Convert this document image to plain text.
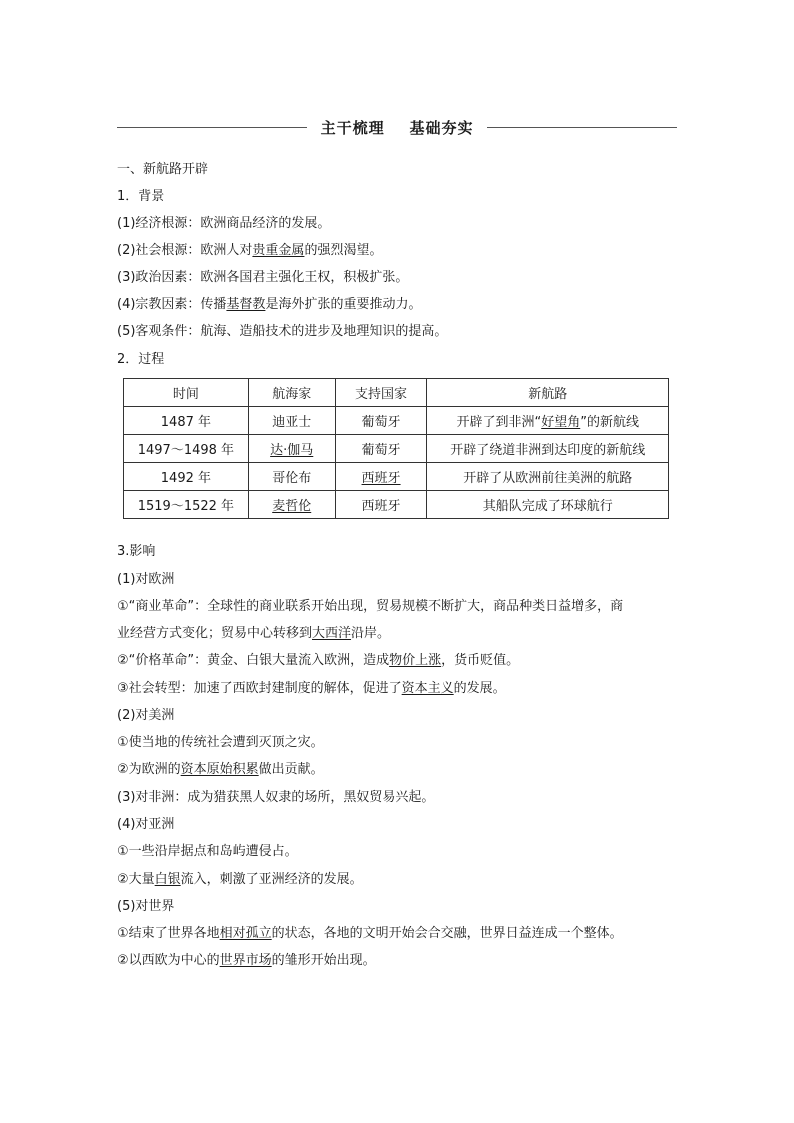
主干梳理    基础夯实
一、新航路开辟
1．背景
(1)经济根源：欧洲商品经济的发展。
(2)社会根源：欧洲人对贵重金属的强烈渴望。
(3)政治因素：欧洲各国君主强化王权，积极扩张。
(4)宗教因素：传播基督教是海外扩张的重要推动力。
(5)客观条件：航海、造船技术的进步及地理知识的提高。
2．过程
时间	航海家	支持国家	新航路
1487 年	迪亚士	葡萄牙	开辟了到非洲“好望角”的新航线
1497～1498 年	达·伽马	葡萄牙	开辟了绕道非洲到达印度的新航线
1492 年	哥伦布	西班牙	开辟了从欧洲前往美洲的航路
1519～1522 年	麦哲伦	西班牙	其船队完成了环球航行
3.影响
(1)对欧洲
①“商业革命”：全球性的商业联系开始出现，贸易规模不断扩大，商品种类日益增多，商
业经营方式变化；贸易中心转移到大西洋沿岸。
②“价格革命”：黄金、白银大量流入欧洲，造成物价上涨，货币贬值。
③社会转型：加速了西欧封建制度的解体，促进了资本主义的发展。
(2)对美洲
①使当地的传统社会遭到灭顶之灾。
②为欧洲的资本原始积累做出贡献。
(3)对非洲：成为猎获黑人奴隶的场所，黑奴贸易兴起。
(4)对亚洲
①一些沿岸据点和岛屿遭侵占。
②大量白银流入，刺激了亚洲经济的发展。
(5)对世界
①结束了世界各地相对孤立的状态，各地的文明开始会合交融，世界日益连成一个整体。
②以西欧为中心的世界市场的雏形开始出现。
